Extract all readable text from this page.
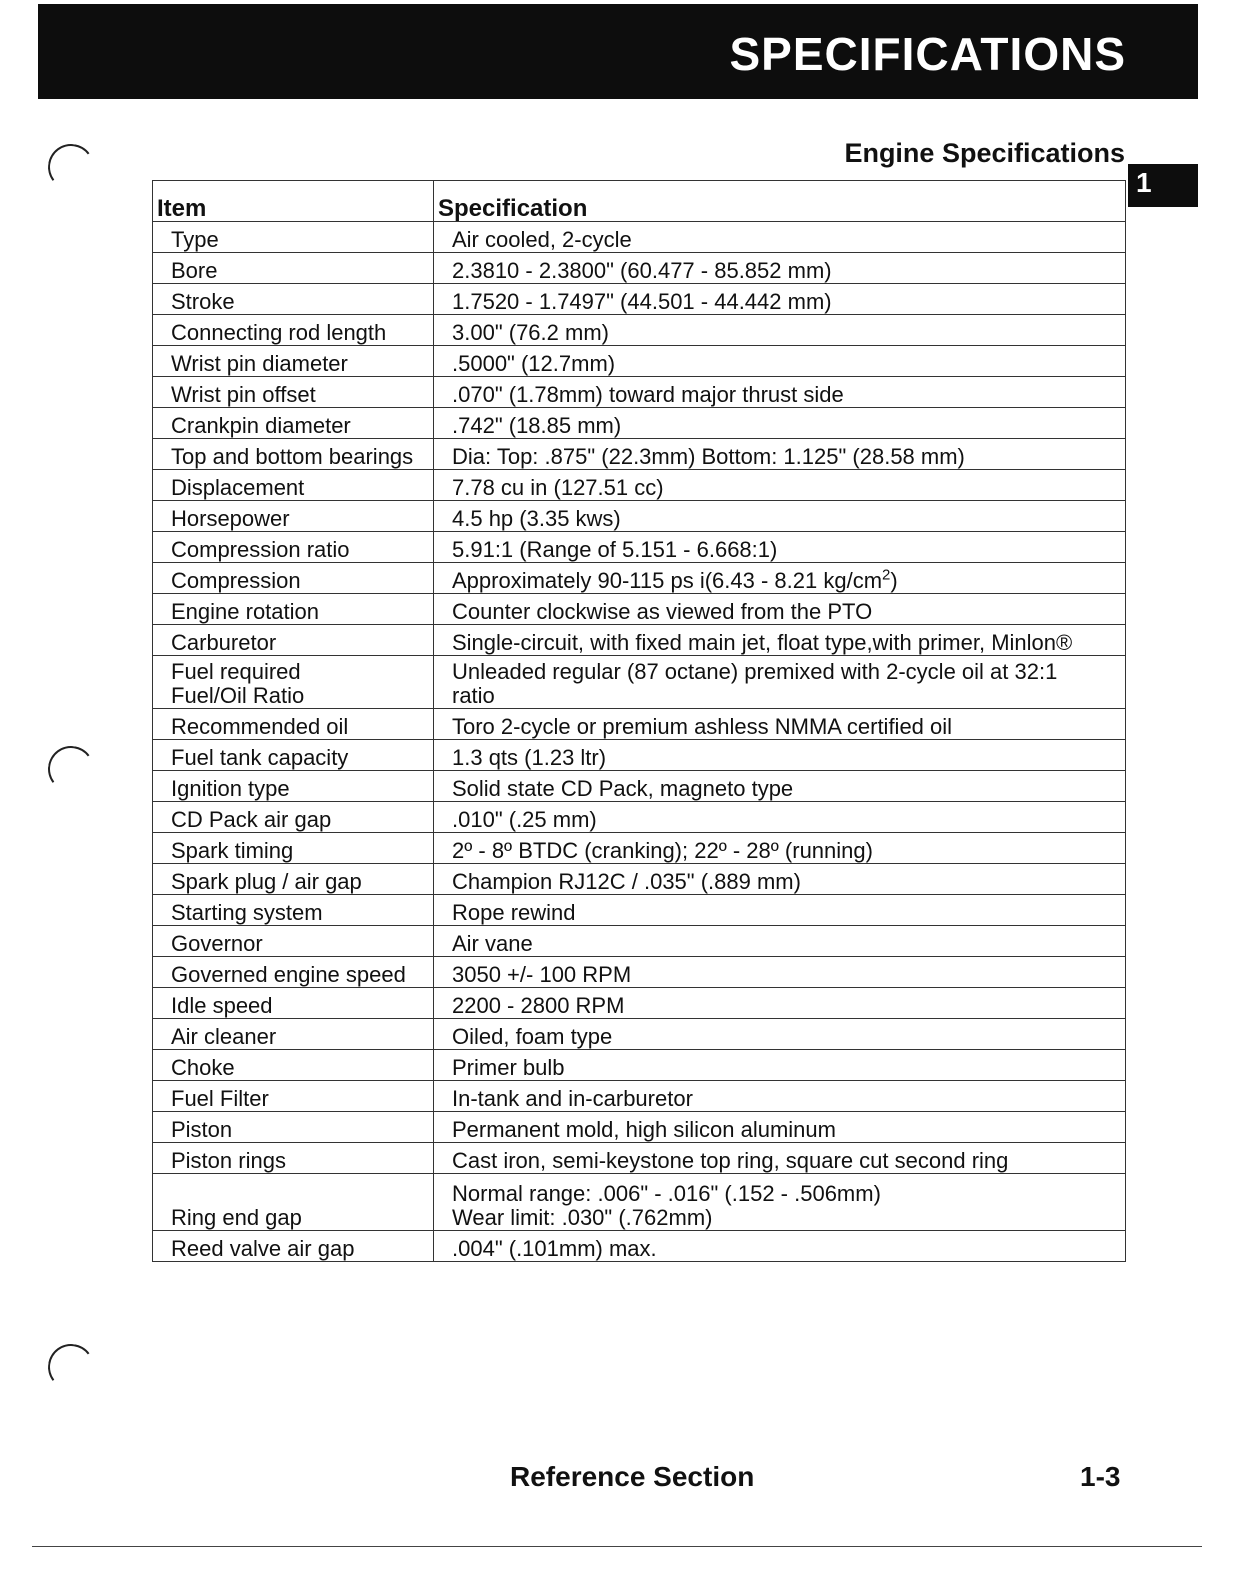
SPECIFICATIONS
Engine Specifications
1
Item	Specification
Type	Air cooled, 2-cycle
Bore	2.3810 - 2.3800" (60.477 - 85.852 mm)
Stroke	1.7520 - 1.7497" (44.501 - 44.442 mm)
Connecting rod length	3.00" (76.2 mm)
Wrist pin diameter	.5000" (12.7mm)
Wrist pin offset	.070" (1.78mm) toward major thrust side
Crankpin diameter	.742" (18.85 mm)
Top and bottom bearings	Dia: Top: .875" (22.3mm) Bottom: 1.125" (28.58 mm)
Displacement	7.78 cu in (127.51 cc)
Horsepower	4.5 hp (3.35 kws)
Compression ratio	5.91:1 (Range of 5.151 - 6.668:1)
Compression	Approximately 90-115 ps i(6.43 - 8.21 $kg/cm^2$)
Engine rotation	Counter clockwise as viewed from the PTO
Carburetor	Single-circuit, with fixed main jet, float type,with primer, Minlon®
Fuel required
Fuel/Oil Ratio	Unleaded regular (87 octane) premixed with 2-cycle oil at 32:1
ratio
Recommended oil	Toro 2-cycle or premium ashless NMMA certified oil
Fuel tank capacity	1.3 qts (1.23 ltr)
Ignition type	Solid state CD Pack, magneto type
CD Pack air gap	.010" (.25 mm)
Spark timing	2º - 8º BTDC (cranking); 22º - 28º (running)
Spark plug / air gap	Champion RJ12C / .035" (.889 mm)
Starting system	Rope rewind
Governor	Air vane
Governed engine speed	3050 +/- 100 RPM
Idle speed	2200 - 2800 RPM
Air cleaner	Oiled, foam type
Choke	Primer bulb
Fuel Filter	In-tank and in-carburetor
Piston	Permanent mold, high silicon aluminum
Piston rings	Cast iron, semi-keystone top ring, square cut second ring
Ring end gap	Normal range: .006" - .016" (.152 - .506mm)
Wear limit: .030" (.762mm)
Reed valve air gap	.004" (.101mm) max.
Reference Section	1-3
